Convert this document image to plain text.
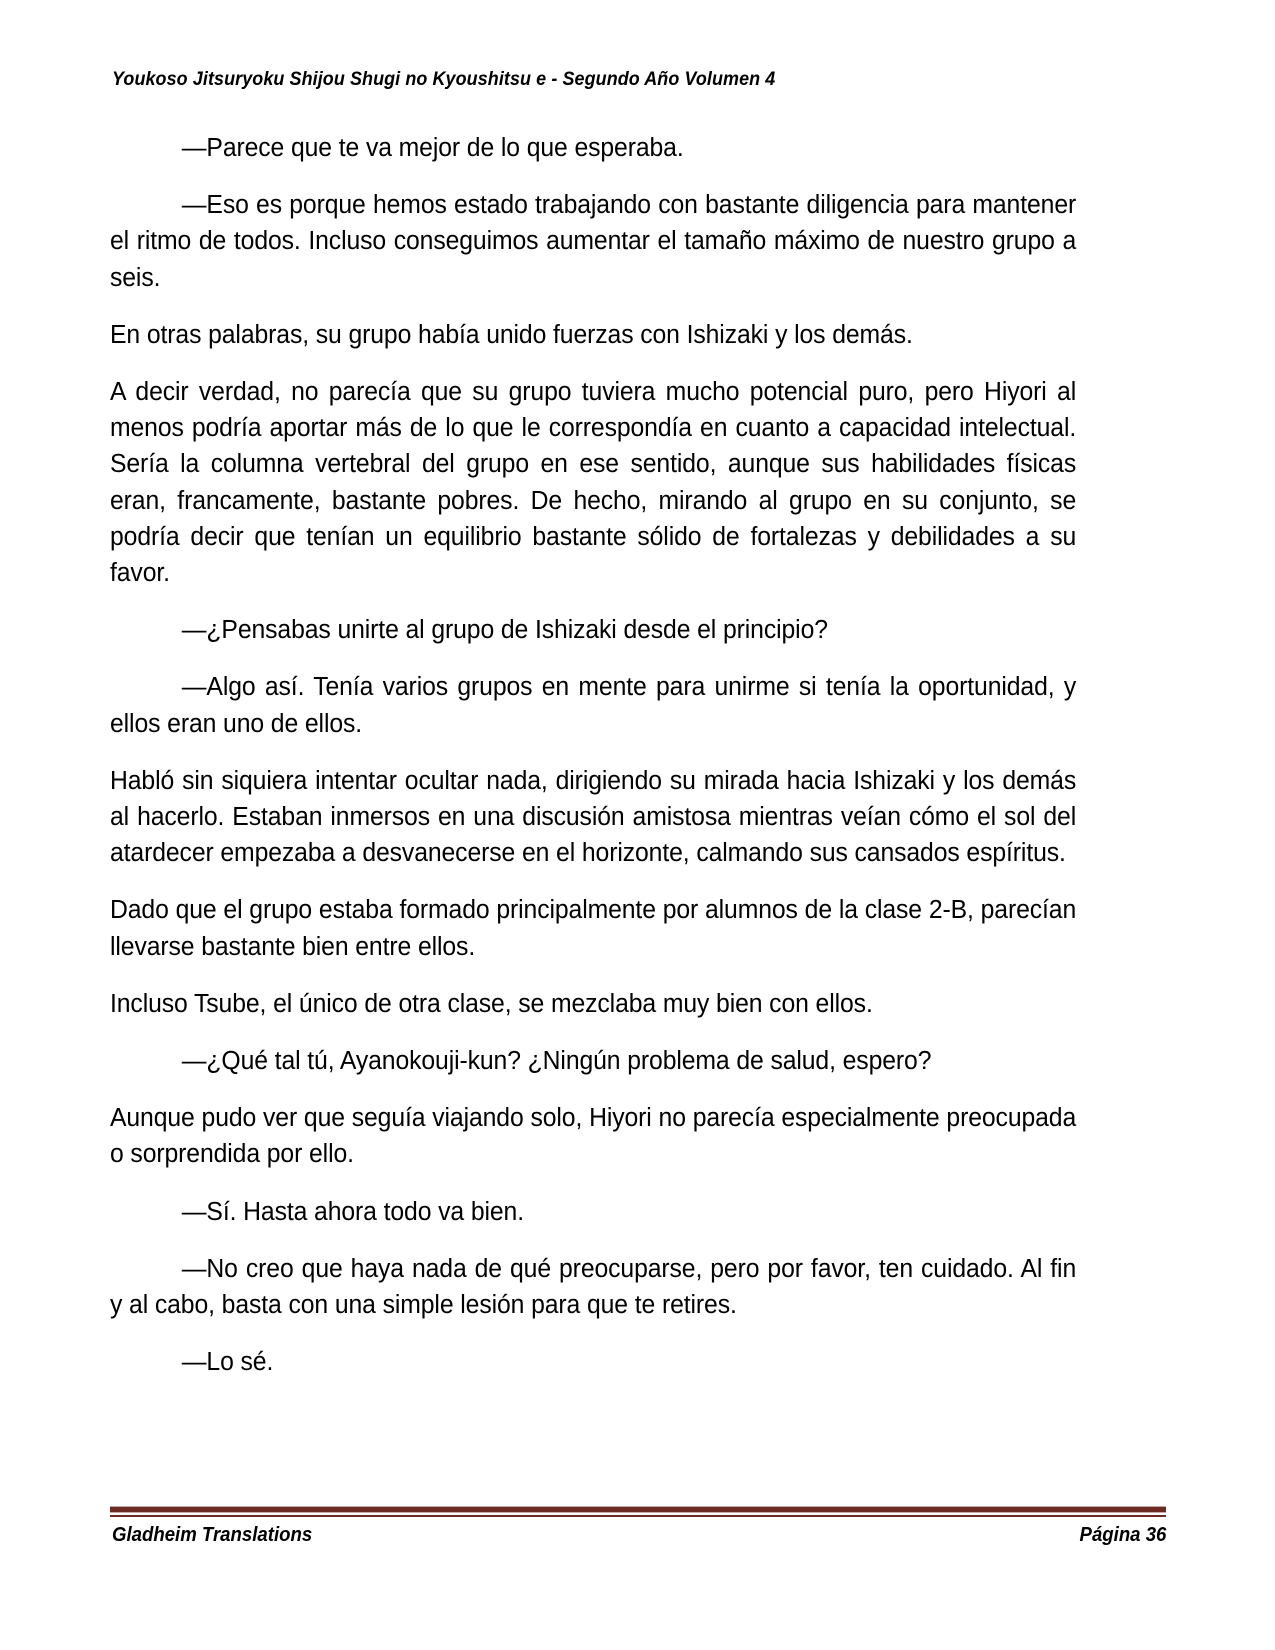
Youkoso Jitsuryoku Shijou Shugi no Kyoushitsu e - Segundo Año Volumen 4

—Parece que te va mejor de lo que esperaba.

—Eso es porque hemos estado trabajando con bastante diligencia para mantener el ritmo de todos. Incluso conseguimos aumentar el tamaño máximo de nuestro grupo a seis.

En otras palabras, su grupo había unido fuerzas con Ishizaki y los demás.

A decir verdad, no parecía que su grupo tuviera mucho potencial puro, pero Hiyori al menos podría aportar más de lo que le correspondía en cuanto a capacidad intelectual. Sería la columna vertebral del grupo en ese sentido, aunque sus habilidades físicas eran, francamente, bastante pobres. De hecho, mirando al grupo en su conjunto, se podría decir que tenían un equilibrio bastante sólido de fortalezas y debilidades a su favor.

—¿Pensabas unirte al grupo de Ishizaki desde el principio?

—Algo así. Tenía varios grupos en mente para unirme si tenía la oportunidad, y ellos eran uno de ellos.

Habló sin siquiera intentar ocultar nada, dirigiendo su mirada hacia Ishizaki y los demás al hacerlo. Estaban inmersos en una discusión amistosa mientras veían cómo el sol del atardecer empezaba a desvanecerse en el horizonte, calmando sus cansados espíritus.

Dado que el grupo estaba formado principalmente por alumnos de la clase 2-B, parecían llevarse bastante bien entre ellos.

Incluso Tsube, el único de otra clase, se mezclaba muy bien con ellos.

—¿Qué tal tú, Ayanokouji-kun? ¿Ningún problema de salud, espero?

Aunque pudo ver que seguía viajando solo, Hiyori no parecía especialmente preocupada o sorprendida por ello.

—Sí. Hasta ahora todo va bien.

—No creo que haya nada de qué preocuparse, pero por favor, ten cuidado. Al fin y al cabo, basta con una simple lesión para que te retires.

—Lo sé.

Gladheim Translations	Página 36
